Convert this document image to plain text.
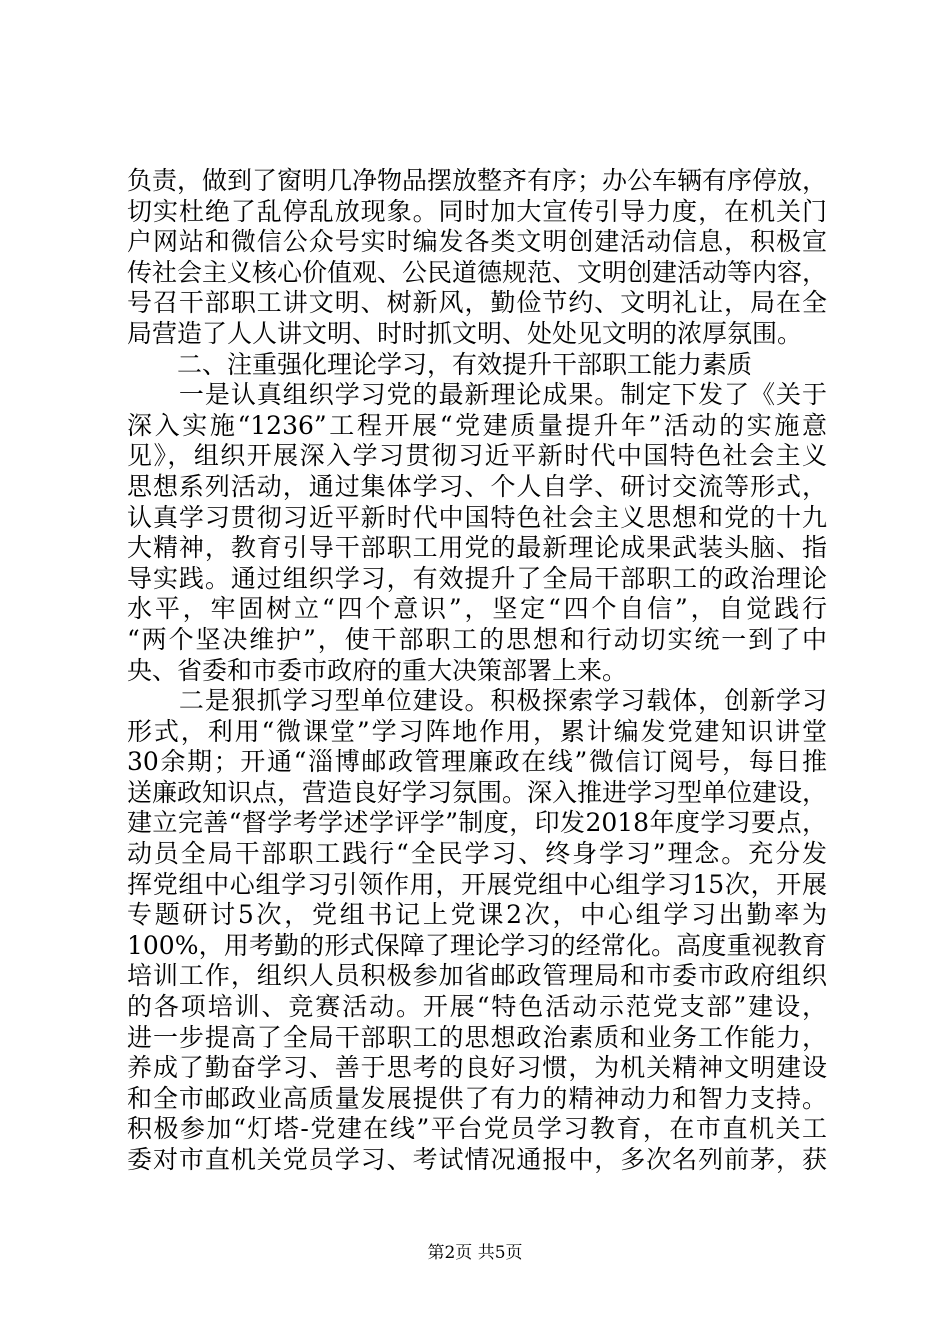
负责，做到了窗明几净物品摆放整齐有序；办公车辆有序停放，
切实杜绝了乱停乱放现象。同时加大宣传引导力度，在机关门
户网站和微信公众号实时编发各类文明创建活动信息，积极宣
传社会主义核心价值观、公民道德规范、文明创建活动等内容，
号召干部职工讲文明、树新风，勤俭节约、文明礼让，局在全
局营造了人人讲文明、时时抓文明、处处见文明的浓厚氛围。
　　二、注重强化理论学习，有效提升干部职工能力素质
　　一是认真组织学习党的最新理论成果。制定下发了《关于
深入实施“1236”工程开展“党建质量提升年”活动的实施意
见》，组织开展深入学习贯彻习近平新时代中国特色社会主义
思想系列活动，通过集体学习、个人自学、研讨交流等形式，
认真学习贯彻习近平新时代中国特色社会主义思想和党的十九
大精神，教育引导干部职工用党的最新理论成果武装头脑、指
导实践。通过组织学习，有效提升了全局干部职工的政治理论
水平，牢固树立“四个意识”，坚定“四个自信”，自觉践行
“两个坚决维护”，使干部职工的思想和行动切实统一到了中
央、省委和市委市政府的重大决策部署上来。
　　二是狠抓学习型单位建设。积极探索学习载体，创新学习
形式，利用“微课堂”学习阵地作用，累计编发党建知识讲堂
30余期；开通“淄博邮政管理廉政在线”微信订阅号，每日推
送廉政知识点，营造良好学习氛围。深入推进学习型单位建设，
建立完善“督学考学述学评学”制度，印发2018年度学习要点，
动员全局干部职工践行“全民学习、终身学习”理念。充分发
挥党组中心组学习引领作用，开展党组中心组学习15次，开展
专题研讨5次，党组书记上党课2次，中心组学习出勤率为
100%，用考勤的形式保障了理论学习的经常化。高度重视教育
培训工作，组织人员积极参加省邮政管理局和市委市政府组织
的各项培训、竞赛活动。开展“特色活动示范党支部”建设，
进一步提高了全局干部职工的思想政治素质和业务工作能力，
养成了勤奋学习、善于思考的良好习惯，为机关精神文明建设
和全市邮政业高质量发展提供了有力的精神动力和智力支持。
积极参加“灯塔-党建在线”平台党员学习教育，在市直机关工
委对市直机关党员学习、考试情况通报中，多次名列前茅，获
第2页 共5页
